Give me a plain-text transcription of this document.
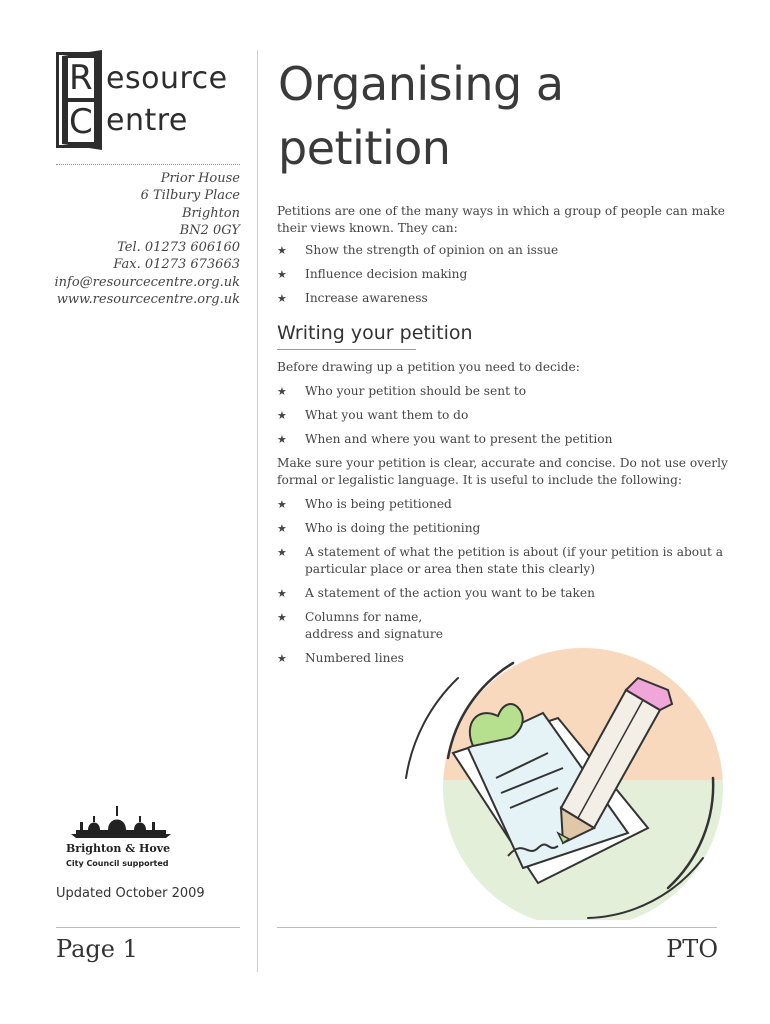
R
C
esource
entre
Prior House
6 Tilbury Place
Brighton
BN2 0GY
Tel. 01273 606160
Fax. 01273 673663
info@resourcecentre.org.uk
www.resourcecentre.org.uk
Organising a
petition
Petitions are one of the many ways in which a group of people can make their views known. They can:
★ Show the strength of opinion on an issue
★ Influence decision making
★ Increase awareness
Writing your petition
Before drawing up a petition you need to decide:
★ Who your petition should be sent to
★ What you want them to do
★ When and where you want to present the petition
Make sure your petition is clear, accurate and concise. Do not use overly formal or legalistic language. It is useful to include the following:
★ Who is being petitioned
★ Who is doing the petitioning
★ A statement of what the petition is about (if your petition is about a particular place or area then state this clearly)
★ A statement of the action you want to be taken
★ Columns for name, address and signature
★ Numbered lines
Brighton & Hove
City Council supported
Updated October 2009
Page 1	PTO
